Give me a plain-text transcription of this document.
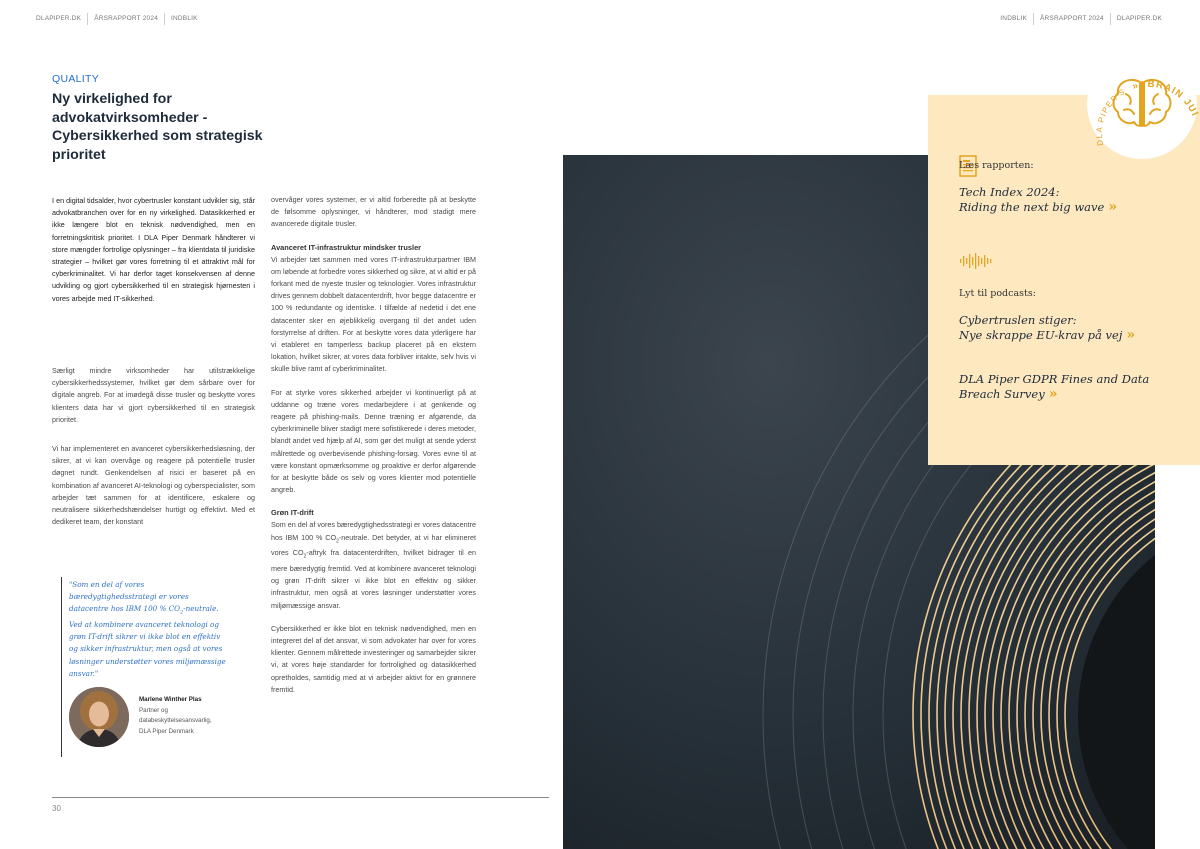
DLAPIPER.DK	ÅRSRAPPORT 2024	INDBLIK	INDBLIK	ÅRSRAPPORT 2024	DLAPIPER.DK
QUALITY
Ny virkelighed for advokatvirksomheder - Cybersikkerhed som strategisk prioritet

I en digital tidsalder, hvor cybertrusler konstant udvikler sig, står advokatbranchen over for en ny virkelighed. Datasikkerhed er ikke længere blot en teknisk nødvendighed, men en forretningskritisk prioritet. I DLA Piper Denmark håndterer vi store mængder fortrolige oplysninger – fra klientdata til juridiske strategier – hvilket gør vores forretning til et attraktivt mål for cyberkriminalitet. Vi har derfor taget konsekvensen af denne udvikling og gjort cybersikkerhed til en strategisk hjørnesten i vores arbejde med IT-sikkerhed.

Særligt mindre virksomheder har utilstrækkelige cybersikkerhedssystemer, hvilket gør dem sårbare over for digitale angreb. For at imødegå disse trusler og beskytte vores klienters data har vi gjort cybersikkerhed til en strategisk prioritet.

Vi har implementeret en avanceret cybersikkerhedsløsning, der sikrer, at vi kan overvåge og reagere på potentielle trusler døgnet rundt. Genkendelsen af risici er baseret på en kombination af avanceret AI-teknologi og cyberspecialister, som arbejder tæt sammen for at identificere, eskalere og neutralisere sikkerhedshændelser hurtigt og effektivt. Med et dedikeret team, der konstant

"Som en del af vores bæredygtighedsstrategi er vores datacentre hos IBM 100 % $CO_2$-neutrale. Ved at kombinere avanceret teknologi og grøn IT-drift sikrer vi ikke blot en effektiv og sikker infrastruktur, men også at vores løsninger understøtter vores miljømæssige ansvar."

Marlene Winther Plas
Partner og
databeskyttelsesansvarlig,
DLA Piper Denmark

overvåger vores systemer, er vi altid forberedte på at beskytte de følsomme oplysninger, vi håndterer, mod stadigt mere avancerede digitale trusler.

Avanceret IT-infrastruktur mindsker trusler

Vi arbejder tæt sammen med vores IT-infrastrukturpartner IBM om løbende at forbedre vores sikkerhed og sikre, at vi altid er på forkant med de nyeste trusler og teknologier. Vores infrastruktur drives gennem dobbelt datacenterdrift, hvor begge datacentre er 100 % redundante og identiske. I tilfælde af nedetid i det ene datacenter sker en øjeblikkelig overgang til det andet uden forstyrrelse af driften. For at beskytte vores data yderligere har vi etableret en tamperless backup placeret på en ekstern lokation, hvilket sikrer, at vores data forbliver intakte, selv hvis vi skulle blive ramt af cyberkriminalitet.

For at styrke vores sikkerhed arbejder vi kontinuerligt på at uddanne og træne vores medarbejdere i at genkende og reagere på phishing-mails. Denne træning er afgørende, da cyberkriminelle bliver stadigt mere sofistikerede i deres metoder, blandt andet ved hjælp af AI, som gør det muligt at sende yderst målrettede og overbevisende phishing-forsøg. Vores evne til at være konstant opmærksomme og proaktive er derfor afgørende for at beskytte både os selv og vores klienter mod potentielle angreb.

Grøn IT-drift

Som en del af vores bæredygtighedsstrategi er vores datacentre hos IBM 100 % $CO_2$-neutrale. Det betyder, at vi har elimineret vores $CO_2$-aftryk fra datacenterdriften, hvilket bidrager til en mere bæredygtig fremtid. Ved at kombinere avanceret teknologi og grøn IT-drift sikrer vi ikke blot en effektiv og sikker infrastruktur, men også at vores løsninger understøtter vores miljømæssige ansvar.

Cybersikkerhed er ikke blot en teknisk nødvendighed, men en integreret del af det ansvar, vi som advokater har over for vores klienter. Gennem målrettede investeringer og samarbejder sikrer vi, at vores høje standarder for fortrolighed og datasikkerhed opretholdes, samtidig med at vi arbejder aktivt for en grønnere fremtid.

30
Læs rapporten:
Tech Index 2024:
Riding the next big wave »
Lyt til podcasts:
Cybertruslen stiger:
Nye skrappe EU-krav på vej »
DLA Piper GDPR Fines and Data
Breach Survey »
DLA PIPER'S » BRAIN JUI
